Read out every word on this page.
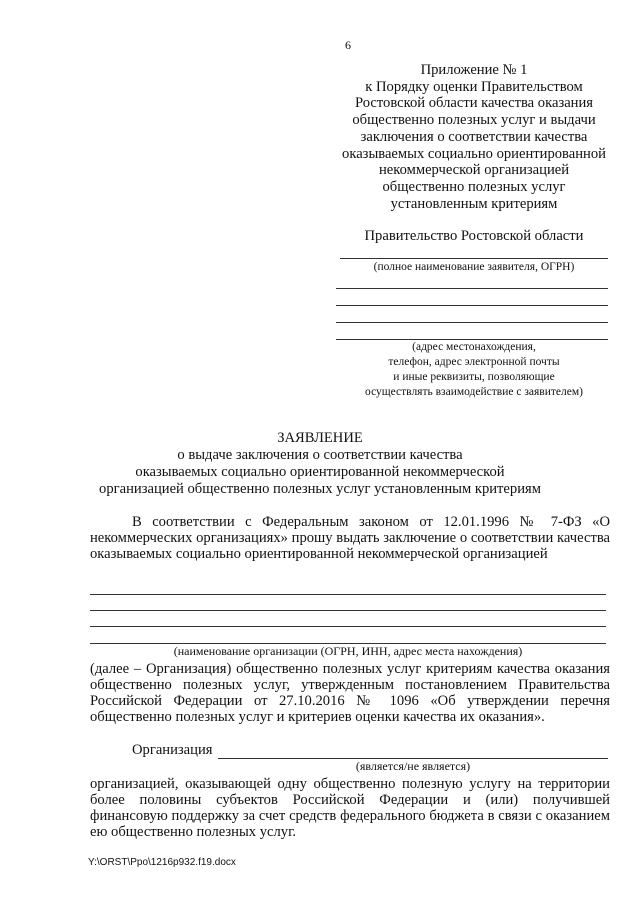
6
Приложение № 1
к Порядку оценки Правительством
Ростовской области качества оказания
общественно полезных услуг и выдачи
заключения о соответствии качества
оказываемых социально ориентированной
некоммерческой организацией
общественно полезных услуг
установленным критериям
Правительство Ростовской области
(полное наименование заявителя, ОГРН)
(адрес местонахождения,
телефон, адрес электронной почты
и иные реквизиты, позволяющие
осуществлять взаимодействие с заявителем)
ЗАЯВЛЕНИЕ
о выдаче заключения о соответствии качества
оказываемых социально ориентированной некоммерческой
организацией общественно полезных услуг установленным критериям
В соответствии с Федеральным законом от 12.01.1996 № 7-ФЗ «О некоммерческих организациях» прошу выдать заключение о соответствии качества оказываемых социально ориентированной некоммерческой организацией
(наименование организации (ОГРН, ИНН, адрес места нахождения)
(далее – Организация) общественно полезных услуг критериям качества оказания общественно полезных услуг, утвержденным постановлением Правительства Российской Федерации от 27.10.2016 № 1096 «Об утверждении перечня общественно полезных услуг и критериев оценки качества их оказания».
Организация
(является/не является)
организацией, оказывающей одну общественно полезную услугу на территории более половины субъектов Российской Федерации и (или) получившей финансовую поддержку за счет средств федерального бюджета в связи с оказанием ею общественно полезных услуг.
Y:\ORST\Ppo\1216p932.f19.docx
